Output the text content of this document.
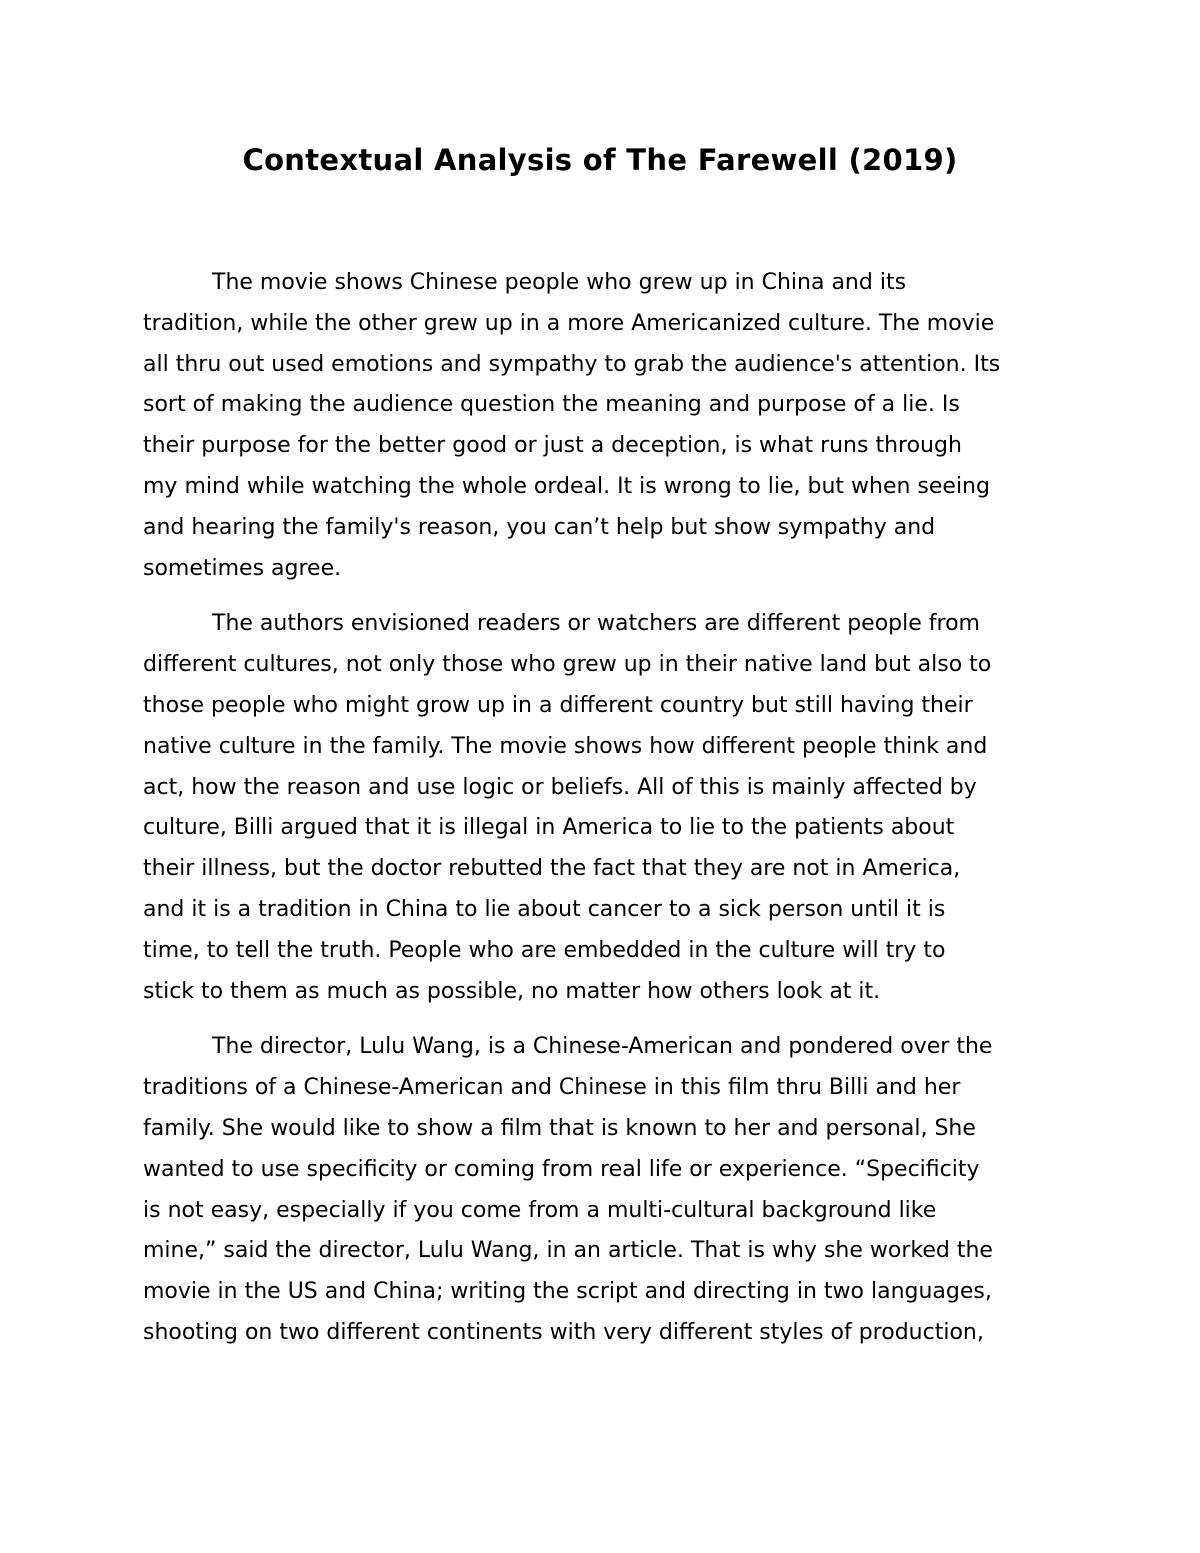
Contextual Analysis of The Farewell (2019)

The movie shows Chinese people who grew up in China and its
tradition, while the other grew up in a more Americanized culture. The movie
all thru out used emotions and sympathy to grab the audience's attention. Its
sort of making the audience question the meaning and purpose of a lie. Is
their purpose for the better good or just a deception, is what runs through
my mind while watching the whole ordeal. It is wrong to lie, but when seeing
and hearing the family's reason, you can’t help but show sympathy and
sometimes agree.

The authors envisioned readers or watchers are different people from
different cultures, not only those who grew up in their native land but also to
those people who might grow up in a different country but still having their
native culture in the family. The movie shows how different people think and
act, how the reason and use logic or beliefs. All of this is mainly affected by
culture, Billi argued that it is illegal in America to lie to the patients about
their illness, but the doctor rebutted the fact that they are not in America,
and it is a tradition in China to lie about cancer to a sick person until it is
time, to tell the truth. People who are embedded in the culture will try to
stick to them as much as possible, no matter how others look at it.

The director, Lulu Wang, is a Chinese-American and pondered over the
traditions of a Chinese-American and Chinese in this film thru Billi and her
family. She would like to show a film that is known to her and personal, She
wanted to use specificity or coming from real life or experience. “Specificity
is not easy, especially if you come from a multi-cultural background like
mine,” said the director, Lulu Wang, in an article. That is why she worked the
movie in the US and China; writing the script and directing in two languages,
shooting on two different continents with very different styles of production,
